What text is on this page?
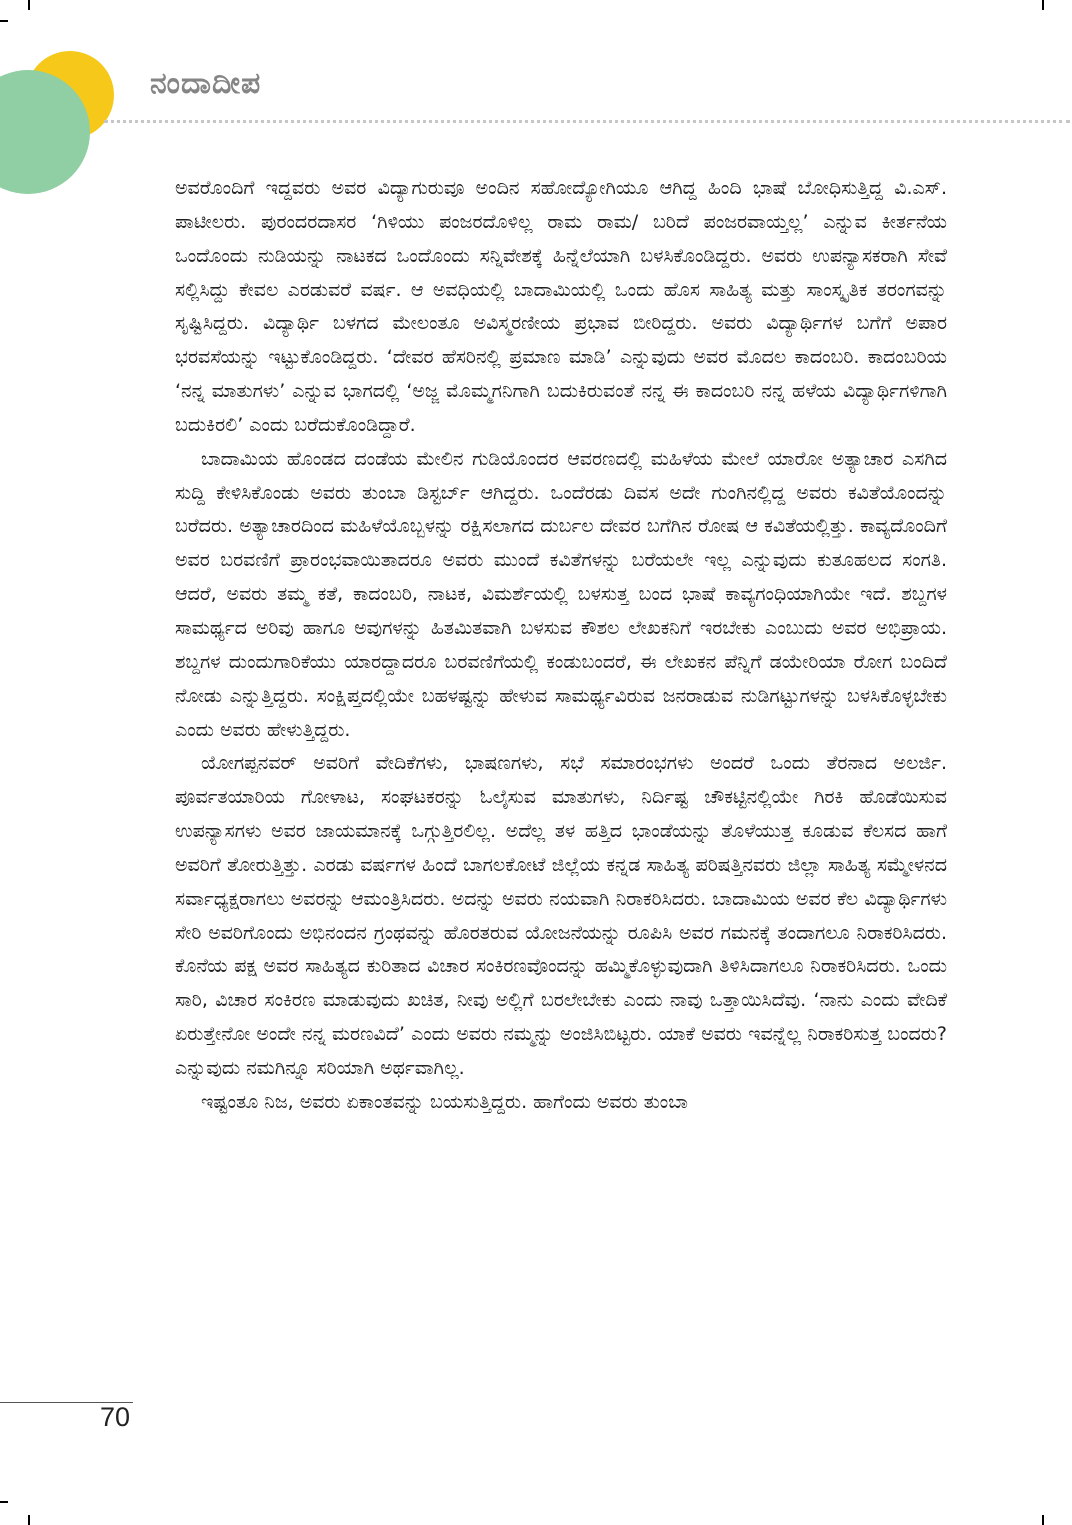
ನಂದಾದೀಪ

ಅವರೊಂದಿಗೆ ಇದ್ದವರು ಅವರ ವಿದ್ಯಾಗುರುವೂ ಅಂದಿನ ಸಹೋದ್ಯೋಗಿಯೂ ಆಗಿದ್ದ ಹಿಂದಿ ಭಾಷೆ ಬೋಧಿಸುತ್ತಿದ್ದ ವಿ.ಎಸ್. ಪಾಟೀಲರು. ಪುರಂದರದಾಸರ ‘ಗಿಳಿಯು ಪಂಜರದೊಳಿಲ್ಲ ರಾಮ ರಾಮ/ ಬರಿದೆ ಪಂಜರವಾಯ್ತಲ್ಲ’ ಎನ್ನುವ ಕೀರ್ತನೆಯ ಒಂದೊಂದು ನುಡಿಯನ್ನು ನಾಟಕದ ಒಂದೊಂದು ಸನ್ನಿವೇಶಕ್ಕೆ ಹಿನ್ನೆಲೆಯಾಗಿ ಬಳಸಿಕೊಂಡಿದ್ದರು. ಅವರು ಉಪನ್ಯಾಸಕರಾಗಿ ಸೇವೆ ಸಲ್ಲಿಸಿದ್ದು ಕೇವಲ ಎರಡುವರೆ ವರ್ಷ. ಆ ಅವಧಿಯಲ್ಲಿ ಬಾದಾಮಿಯಲ್ಲಿ ಒಂದು ಹೊಸ ಸಾಹಿತ್ಯ ಮತ್ತು ಸಾಂಸ್ಕೃತಿಕ ತರಂಗವನ್ನು ಸೃಷ್ಟಿಸಿದ್ದರು. ವಿದ್ಯಾರ್ಥಿ ಬಳಗದ ಮೇಲಂತೂ ಅವಿಸ್ಮರಣೀಯ ಪ್ರಭಾವ ಬೀರಿದ್ದರು. ಅವರು ವಿದ್ಯಾರ್ಥಿಗಳ ಬಗೆಗೆ ಅಪಾರ ಭರವಸೆಯನ್ನು ಇಟ್ಟುಕೊಂಡಿದ್ದರು. ‘ದೇವರ ಹೆಸರಿನಲ್ಲಿ ಪ್ರಮಾಣ ಮಾಡಿ’ ಎನ್ನುವುದು ಅವರ ಮೊದಲ ಕಾದಂಬರಿ. ಕಾದಂಬರಿಯ ‘ನನ್ನ ಮಾತುಗಳು’ ಎನ್ನುವ ಭಾಗದಲ್ಲಿ ‘ಅಜ್ಜ ಮೊಮ್ಮಗನಿಗಾಗಿ ಬದುಕಿರುವಂತೆ ನನ್ನ ಈ ಕಾದಂಬರಿ ನನ್ನ ಹಳೆಯ ವಿದ್ಯಾರ್ಥಿಗಳಿಗಾಗಿ ಬದುಕಿರಲಿ’ ಎಂದು ಬರೆದುಕೊಂಡಿದ್ದಾರೆ.

ಬಾದಾಮಿಯ ಹೊಂಡದ ದಂಡೆಯ ಮೇಲಿನ ಗುಡಿಯೊಂದರ ಆವರಣದಲ್ಲಿ ಮಹಿಳೆಯ ಮೇಲೆ ಯಾರೋ ಅತ್ಯಾಚಾರ ಎಸಗಿದ ಸುದ್ದಿ ಕೇಳಿಸಿಕೊಂಡು ಅವರು ತುಂಬಾ ಡಿಸ್ಟರ್ಬ್ ಆಗಿದ್ದರು. ಒಂದೆರಡು ದಿವಸ ಅದೇ ಗುಂಗಿನಲ್ಲಿದ್ದ ಅವರು ಕವಿತೆಯೊಂದನ್ನು ಬರೆದರು. ಅತ್ಯಾಚಾರದಿಂದ ಮಹಿಳೆಯೊಬ್ಬಳನ್ನು ರಕ್ಷಿಸಲಾಗದ ದುರ್ಬಲ ದೇವರ ಬಗೆಗಿನ ರೋಷ ಆ ಕವಿತೆಯಲ್ಲಿತ್ತು. ಕಾವ್ಯದೊಂದಿಗೆ ಅವರ ಬರವಣಿಗೆ ಪ್ರಾರಂಭವಾಯಿತಾದರೂ ಅವರು ಮುಂದೆ ಕವಿತೆಗಳನ್ನು ಬರೆಯಲೇ ಇಲ್ಲ ಎನ್ನುವುದು ಕುತೂಹಲದ ಸಂಗತಿ. ಆದರೆ, ಅವರು ತಮ್ಮ ಕತೆ, ಕಾದಂಬರಿ, ನಾಟಕ, ವಿಮರ್ಶೆಯಲ್ಲಿ ಬಳಸುತ್ತ ಬಂದ ಭಾಷೆ ಕಾವ್ಯಗಂಧಿಯಾಗಿಯೇ ಇದೆ. ಶಬ್ದಗಳ ಸಾಮರ್ಥ್ಯದ ಅರಿವು ಹಾಗೂ ಅವುಗಳನ್ನು ಹಿತಮಿತವಾಗಿ ಬಳಸುವ ಕೌಶಲ ಲೇಖಕನಿಗೆ ಇರಬೇಕು ಎಂಬುದು ಅವರ ಅಭಿಪ್ರಾಯ. ಶಬ್ದಗಳ ದುಂದುಗಾರಿಕೆಯು ಯಾರದ್ದಾದರೂ ಬರವಣಿಗೆಯಲ್ಲಿ ಕಂಡುಬಂದರೆ, ಈ ಲೇಖಕನ ಪೆನ್ನಿಗೆ ಡಯೇರಿಯಾ ರೋಗ ಬಂದಿದೆ ನೋಡು ಎನ್ನುತ್ತಿದ್ದರು. ಸಂಕ್ಷಿಪ್ತದಲ್ಲಿಯೇ ಬಹಳಷ್ಟನ್ನು ಹೇಳುವ ಸಾಮರ್ಥ್ಯವಿರುವ ಜನರಾಡುವ ನುಡಿಗಟ್ಟುಗಳನ್ನು ಬಳಸಿಕೊಳ್ಳಬೇಕು ಎಂದು ಅವರು ಹೇಳುತ್ತಿದ್ದರು.

ಯೋಗಪ್ಪನವರ್ ಅವರಿಗೆ ವೇದಿಕೆಗಳು, ಭಾಷಣಗಳು, ಸಭೆ ಸಮಾರಂಭಗಳು ಅಂದರೆ ಒಂದು ತೆರನಾದ ಅಲರ್ಜಿ. ಪೂರ್ವತಯಾರಿಯ ಗೋಳಾಟ, ಸಂಘಟಕರನ್ನು ಓಲೈಸುವ ಮಾತುಗಳು, ನಿರ್ದಿಷ್ಟ ಚೌಕಟ್ಟಿನಲ್ಲಿಯೇ ಗಿರಕಿ ಹೊಡೆಯಿಸುವ ಉಪನ್ಯಾಸಗಳು ಅವರ ಜಾಯಮಾನಕ್ಕೆ ಒಗ್ಗುತ್ತಿರಲಿಲ್ಲ. ಅದೆಲ್ಲ ತಳ ಹತ್ತಿದ ಭಾಂಡೆಯನ್ನು ತೊಳೆಯುತ್ತ ಕೂಡುವ ಕೆಲಸದ ಹಾಗೆ ಅವರಿಗೆ ತೋರುತ್ತಿತ್ತು. ಎರಡು ವರ್ಷಗಳ ಹಿಂದೆ ಬಾಗಲಕೋಟೆ ಜಿಲ್ಲೆಯ ಕನ್ನಡ ಸಾಹಿತ್ಯ ಪರಿಷತ್ತಿನವರು ಜಿಲ್ಲಾ ಸಾಹಿತ್ಯ ಸಮ್ಮೇಳನದ ಸರ್ವಾಧ್ಯಕ್ಷರಾಗಲು ಅವರನ್ನು ಆಮಂತ್ರಿಸಿದರು. ಅದನ್ನು ಅವರು ನಯವಾಗಿ ನಿರಾಕರಿಸಿದರು. ಬಾದಾಮಿಯ ಅವರ ಕೆಲ ವಿದ್ಯಾರ್ಥಿಗಳು ಸೇರಿ ಅವರಿಗೊಂದು ಅಭಿನಂದನ ಗ್ರಂಥವನ್ನು ಹೊರತರುವ ಯೋಜನೆಯನ್ನು ರೂಪಿಸಿ ಅವರ ಗಮನಕ್ಕೆ ತಂದಾಗಲೂ ನಿರಾಕರಿಸಿದರು. ಕೊನೆಯ ಪಕ್ಷ ಅವರ ಸಾಹಿತ್ಯದ ಕುರಿತಾದ ವಿಚಾರ ಸಂಕಿರಣವೊಂದನ್ನು ಹಮ್ಮಿಕೊಳ್ಳುವುದಾಗಿ ತಿಳಿಸಿದಾಗಲೂ ನಿರಾಕರಿಸಿದರು. ಒಂದು ಸಾರಿ, ವಿಚಾರ ಸಂಕಿರಣ ಮಾಡುವುದು ಖಚಿತ, ನೀವು ಅಲ್ಲಿಗೆ ಬರಲೇಬೇಕು ಎಂದು ನಾವು ಒತ್ತಾಯಿಸಿದೆವು. ‘ನಾನು ಎಂದು ವೇದಿಕೆ ಏರುತ್ತೇನೋ ಅಂದೇ ನನ್ನ ಮರಣವಿದೆ’ ಎಂದು ಅವರು ನಮ್ಮನ್ನು ಅಂಜಿಸಿಬಿಟ್ಟರು. ಯಾಕೆ ಅವರು ಇವನ್ನೆಲ್ಲ ನಿರಾಕರಿಸುತ್ತ ಬಂದರು? ಎನ್ನುವುದು ನಮಗಿನ್ನೂ ಸರಿಯಾಗಿ ಅರ್ಥವಾಗಿಲ್ಲ.

ಇಷ್ಟಂತೂ ನಿಜ, ಅವರು ಏಕಾಂತವನ್ನು ಬಯಸುತ್ತಿದ್ದರು. ಹಾಗೆಂದು ಅವರು ತುಂಬಾ

70
